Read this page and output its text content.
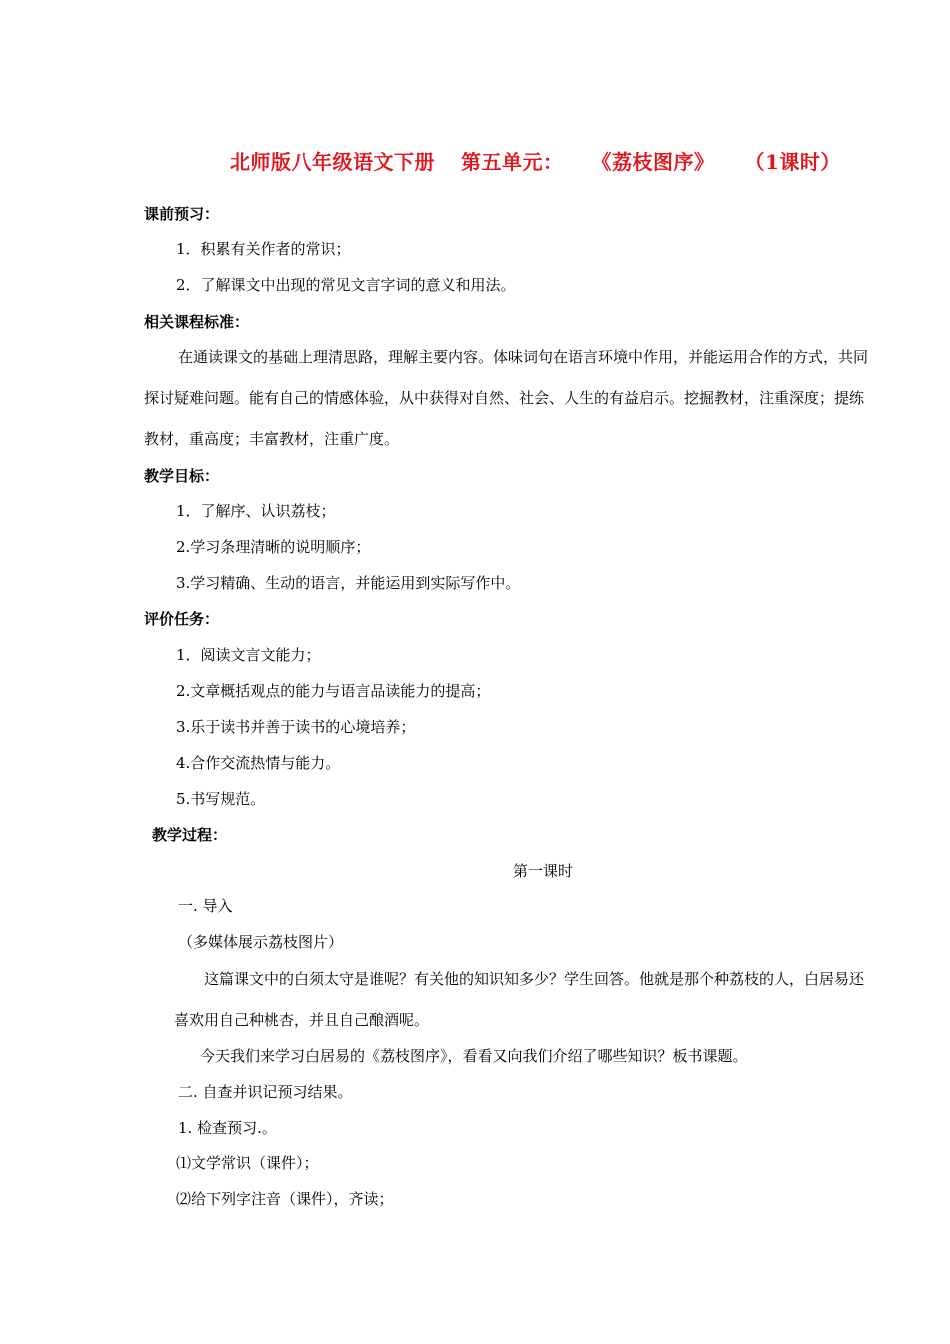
北师版八年级语文下册 第五单元： 《荔枝图序》 （1课时）
课前预习：
1．积累有关作者的常识；
2．了解课文中出现的常见文言字词的意义和用法。
相关课程标准：
在通读课文的基础上理清思路，理解主要内容。体味词句在语言环境中作用，并能运用合作的方式，共同
探讨疑难问题。能有自己的情感体验，从中获得对自然、社会、人生的有益启示。挖掘教材，注重深度；提练
教材，重高度；丰富教材，注重广度。
教学目标：
1．了解序、认识荔枝；
2.学习条理清晰的说明顺序；
3.学习精确、生动的语言，并能运用到实际写作中。
评价任务：
1．阅读文言文能力；
2.文章概括观点的能力与语言品读能力的提高；
3.乐于读书并善于读书的心境培养；
4.合作交流热情与能力。
5.书写规范。
教学过程：
第一课时
一. 导入
（多媒体展示荔枝图片）
这篇课文中的白须太守是谁呢？有关他的知识知多少？学生回答。他就是那个种荔枝的人，白居易还
喜欢用自己种桃杏，并且自己酿酒呢。
今天我们来学习白居易的《荔枝图序》，看看又向我们介绍了哪些知识？板书课题。
二. 自查并识记预习结果。
1. 检查预习.。
⑴文学常识（课件）；
⑵给下列字注音（课件），齐读；
